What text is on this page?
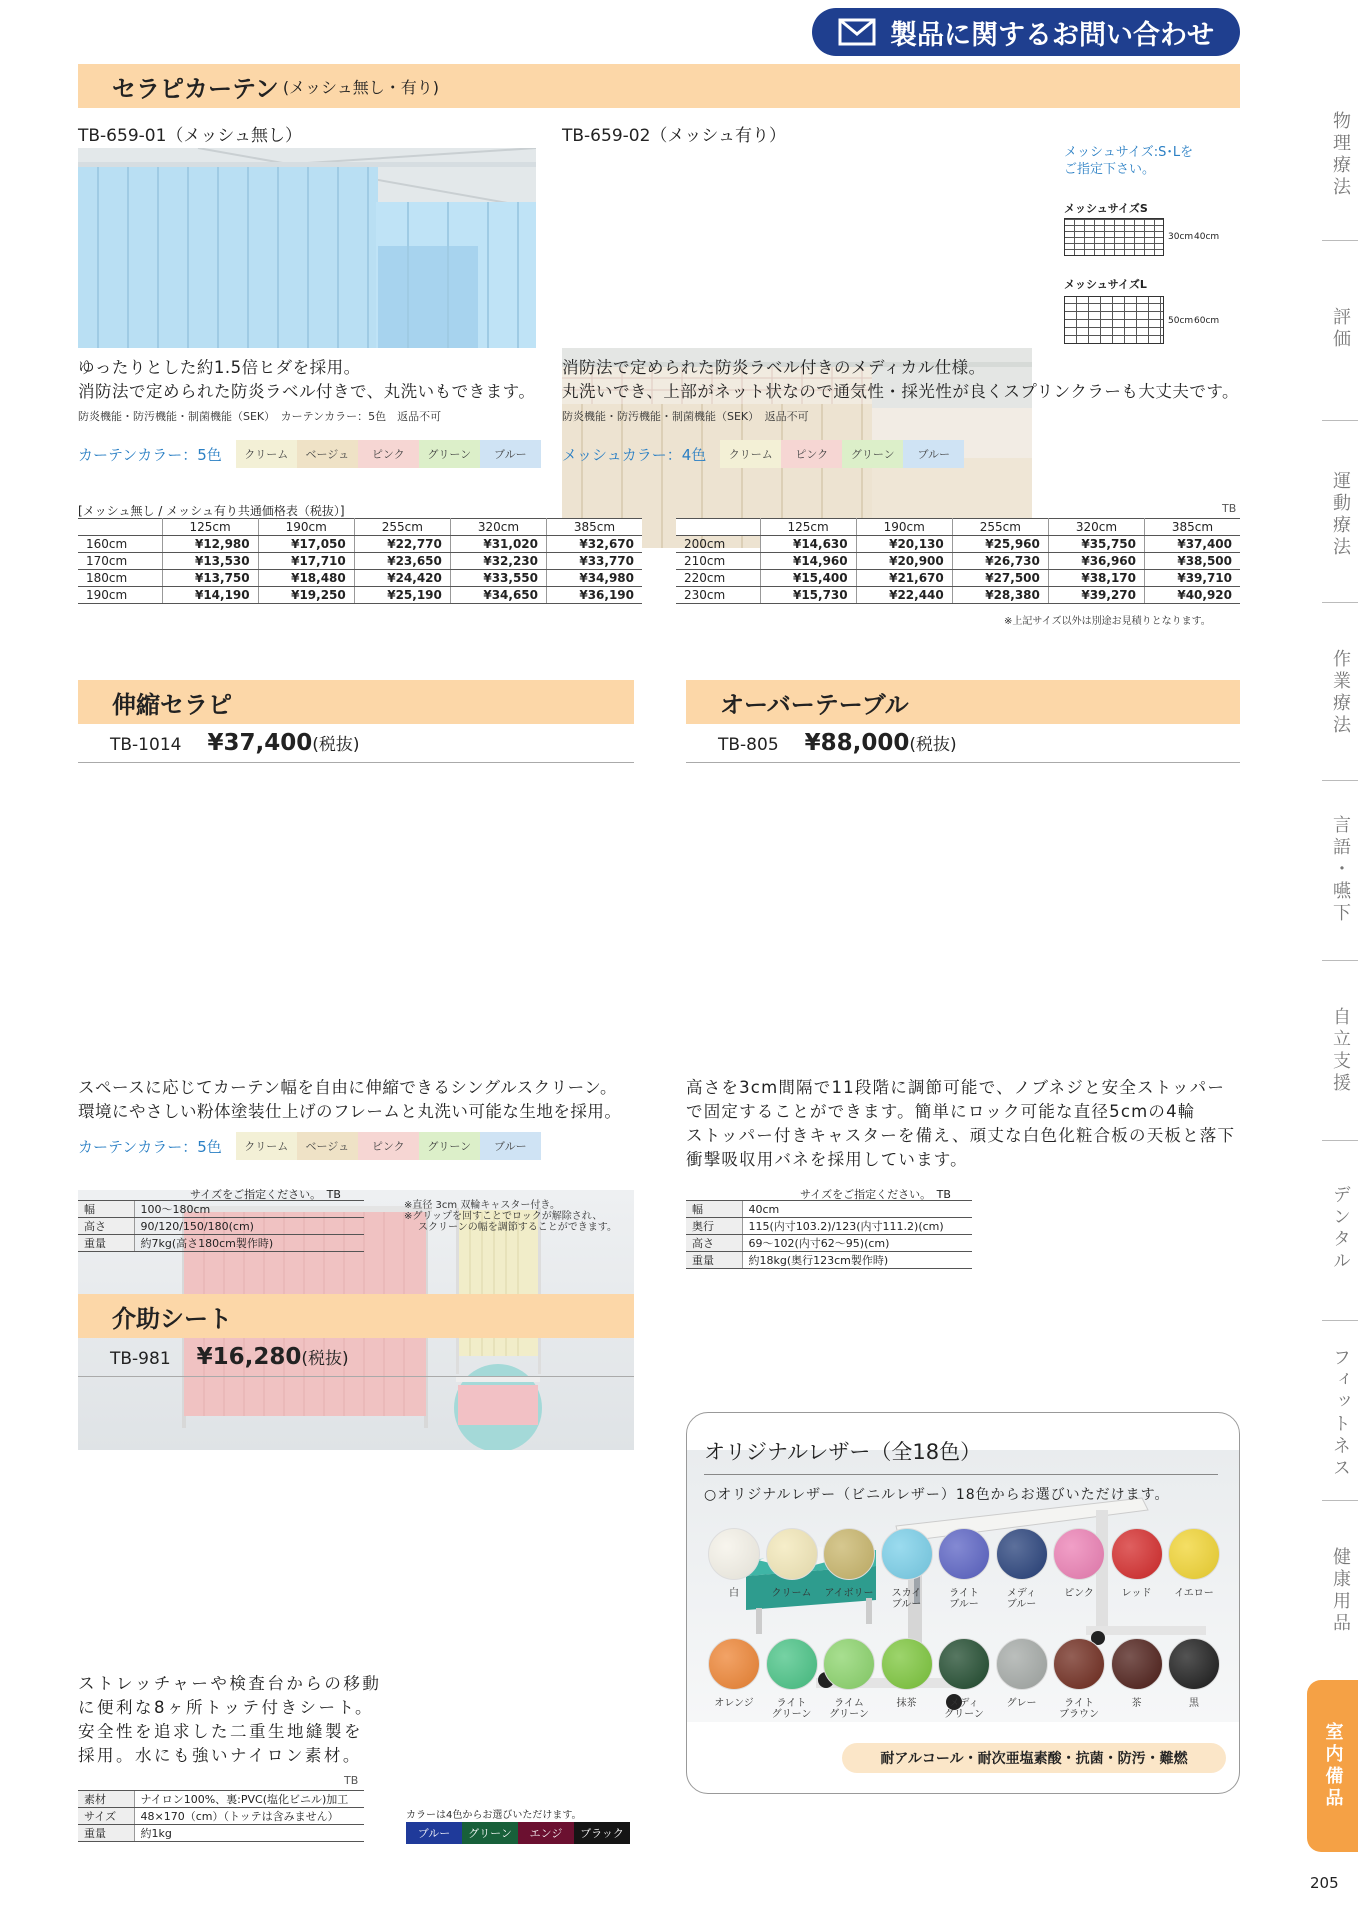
製品に関するお問い合わせ
セラピカーテン (メッシュ無し・有り)
TB-659-01（メッシュ無し）	TB-659-02（メッシュ有り）
メッシュサイズ:S･Lをご指定下さい。
メッシュサイズS
30cm 40cm
メッシュサイズL
50cm 60cm
ゆったりとした約1.5倍ヒダを採用。
消防法で定められた防炎ラベル付きで、丸洗いもできます。
防炎機能・防汚機能・制菌機能（SEK）　カーテンカラー：5色　返品不可
消防法で定められた防炎ラベル付きのメディカル仕様。
丸洗いでき、上部がネット状なので通気性・採光性が良くスプリンクラーも大丈夫です。
防炎機能・防汚機能・制菌機能（SEK）　返品不可
カーテンカラー：5色	クリーム	ベージュ	ピンク	グリーン	ブルー	メッシュカラー：4色	クリーム	ピンク	グリーン	ブルー
[メッシュ無し / メッシュ有り共通価格表（税抜）]	TB
	125cm	190cm	255cm	320cm	385cm
160cm	¥12,980	¥17,050	¥22,770	¥31,020	¥32,670
170cm	¥13,530	¥17,710	¥23,650	¥32,230	¥33,770
180cm	¥13,750	¥18,480	¥24,420	¥33,550	¥34,980
190cm	¥14,190	¥19,250	¥25,190	¥34,650	¥36,190
	125cm	190cm	255cm	320cm	385cm
200cm	¥14,630	¥20,130	¥25,960	¥35,750	¥37,400
210cm	¥14,960	¥20,900	¥26,730	¥36,960	¥38,500
220cm	¥15,400	¥21,670	¥27,500	¥38,170	¥39,710
230cm	¥15,730	¥22,440	¥28,380	¥39,270	¥40,920
※上記サイズ以外は別途お見積りとなります。
伸縮セラピ
TB-1014 ¥37,400(税抜)
スペースに応じてカーテン幅を自由に伸縮できるシングルスクリーン。
環境にやさしい粉体塗装仕上げのフレームと丸洗い可能な生地を採用。
カーテンカラー：5色	クリーム	ベージュ	ピンク	グリーン	ブルー
サイズをご指定ください。　TB
幅	100〜180cm
高さ	90/120/150/180(cm)
重量	約7kg(高さ180cm製作時)
※直径 3cm 双輪キャスター付き。
※グリップを回すことでロックが解除され、
スクリーンの幅を調節することができます。
オーバーテーブル
TB-805 ¥88,000(税抜)
高さを3cm間隔で11段階に調節可能で、ノブネジと安全ストッパー
で固定することができます。簡単にロック可能な直径5cmの4輪
ストッパー付きキャスターを備え、頑丈な白色化粧合板の天板と落下
衝撃吸収用バネを採用しています。
サイズをご指定ください。　TB
幅	40cm
奥行	115(内寸103.2)/123(内寸111.2)(cm)
高さ	69〜102(内寸62〜95)(cm)
重量	約18kg(奥行123cm製作時)
介助シート
TB-981 ¥16,280(税抜)
ストレッチャーや検査台からの移動
に便利な8ヶ所トッテ付きシート。
安全性を追求した二重生地縫製を
採用。水にも強いナイロン素材。
TB
素材	ナイロン100%、裏:PVC(塩化ビニル)加工
サイズ	48×170（cm）（トッテは含みません）
重量	約1kg
カラーは4色からお選びいただけます。
ブルー	グリーン	エンジ	ブラック
オリジナルレザー（全18色）
○オリジナルレザー（ビニルレザー）18色からお選びいただけます。
白	クリーム	アイボリー	スカイ
ブルー
ライト
ブルー
メディ
ブルー
ピンク	レッド	イエロー
オレンジ	ライト
グリーン
ライム
グリーン
抹茶	メディ
グリーン
グレー	ライト
ブラウン
茶	黒
耐アルコール・耐次亜塩素酸・抗菌・防汚・難燃
物理療法
評価
運動療法
作業療法
言語・嚥下
自立支援
デンタル
フィットネス
健康用品
室内備品
205
